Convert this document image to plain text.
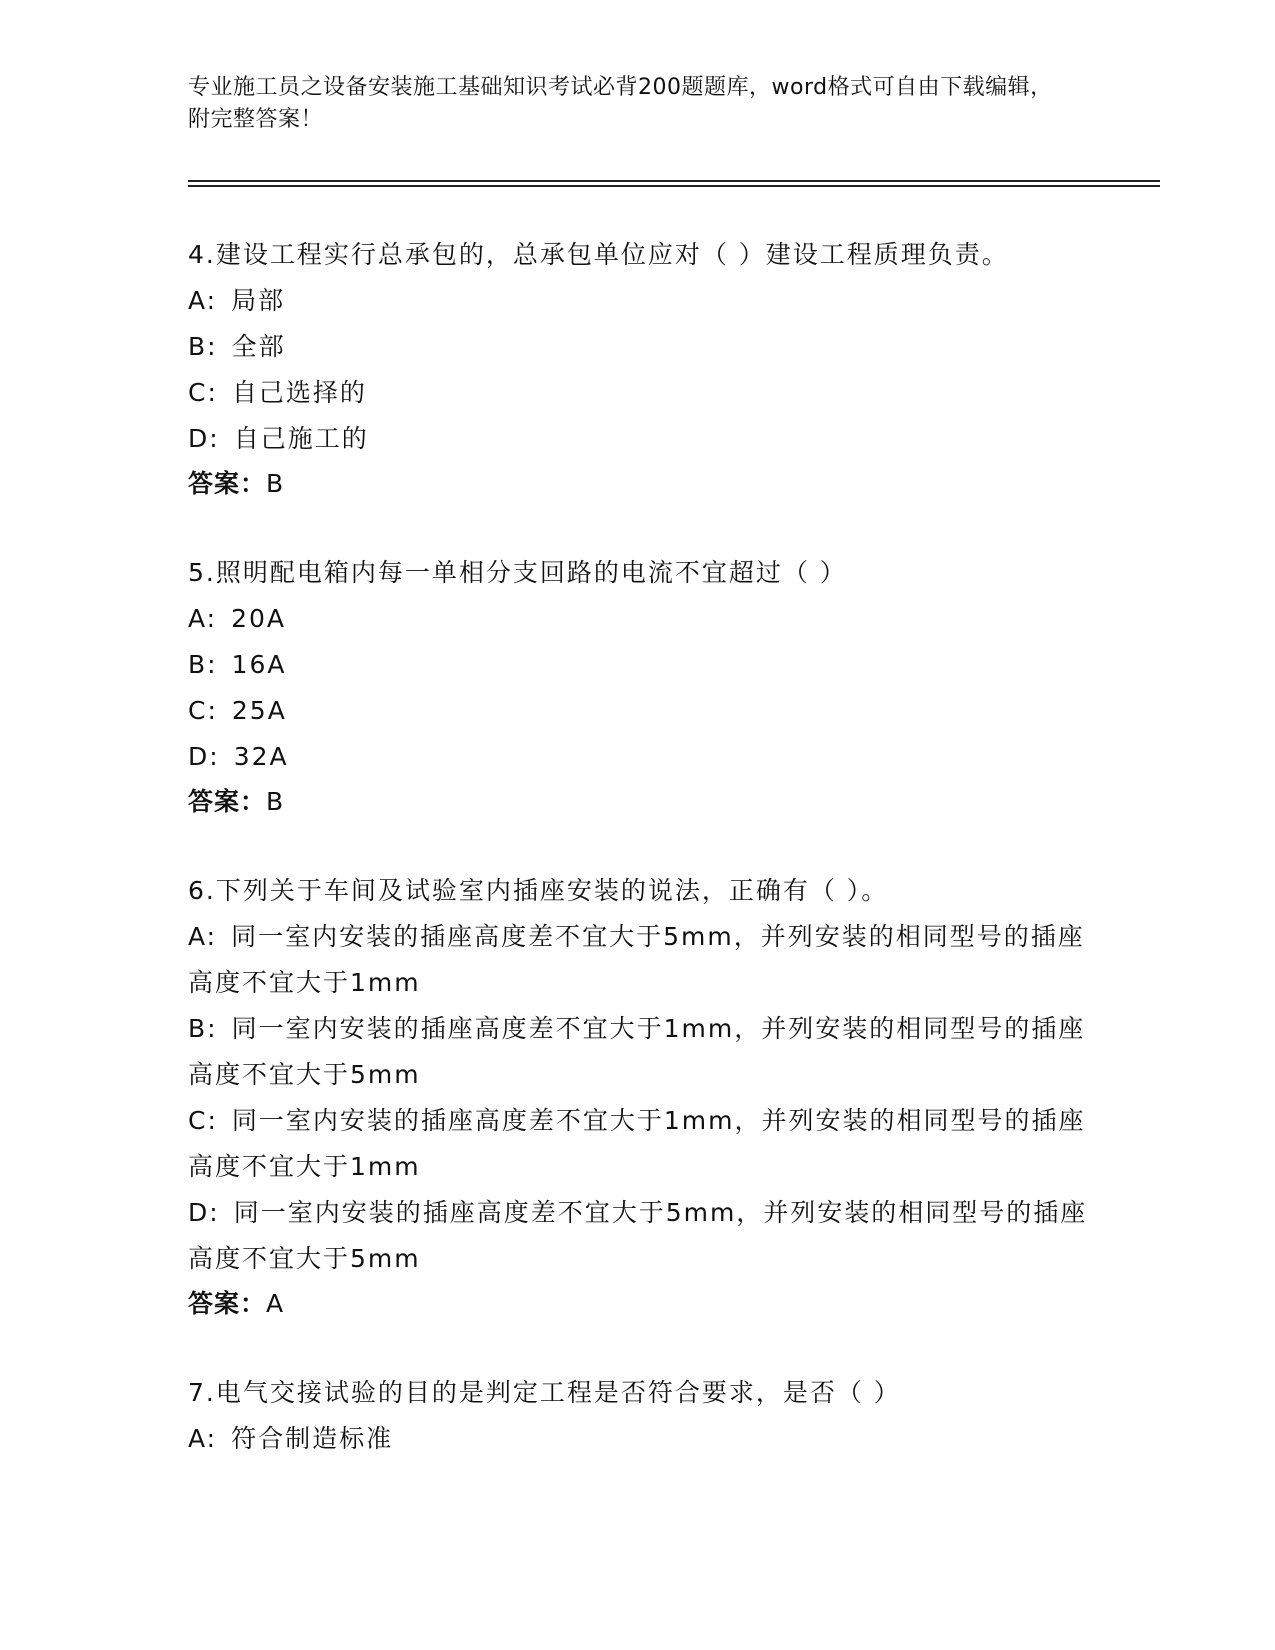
专业施工员之设备安装施工基础知识考试必背200题题库，word格式可自由下载编辑，附完整答案！
4.建设工程实行总承包的，总承包单位应对（ ）建设工程质理负责。
A: 局部
B: 全部
C: 自己选择的
D: 自己施工的
答案：B
5.照明配电箱内每一单相分支回路的电流不宜超过（ ）
A: 20A
B: 16A
C: 25A
D: 32A
答案：B
6.下列关于车间及试验室内插座安装的说法，正确有（ ）。
A: 同一室内安装的插座高度差不宜大于5mm，并列安装的相同型号的插座高度不宜大于1mm
B: 同一室内安装的插座高度差不宜大于1mm，并列安装的相同型号的插座高度不宜大于5mm
C: 同一室内安装的插座高度差不宜大于1mm，并列安装的相同型号的插座高度不宜大于1mm
D: 同一室内安装的插座高度差不宜大于5mm，并列安装的相同型号的插座高度不宜大于5mm
答案：A
7.电气交接试验的目的是判定工程是否符合要求，是否（ ）
A: 符合制造标准
